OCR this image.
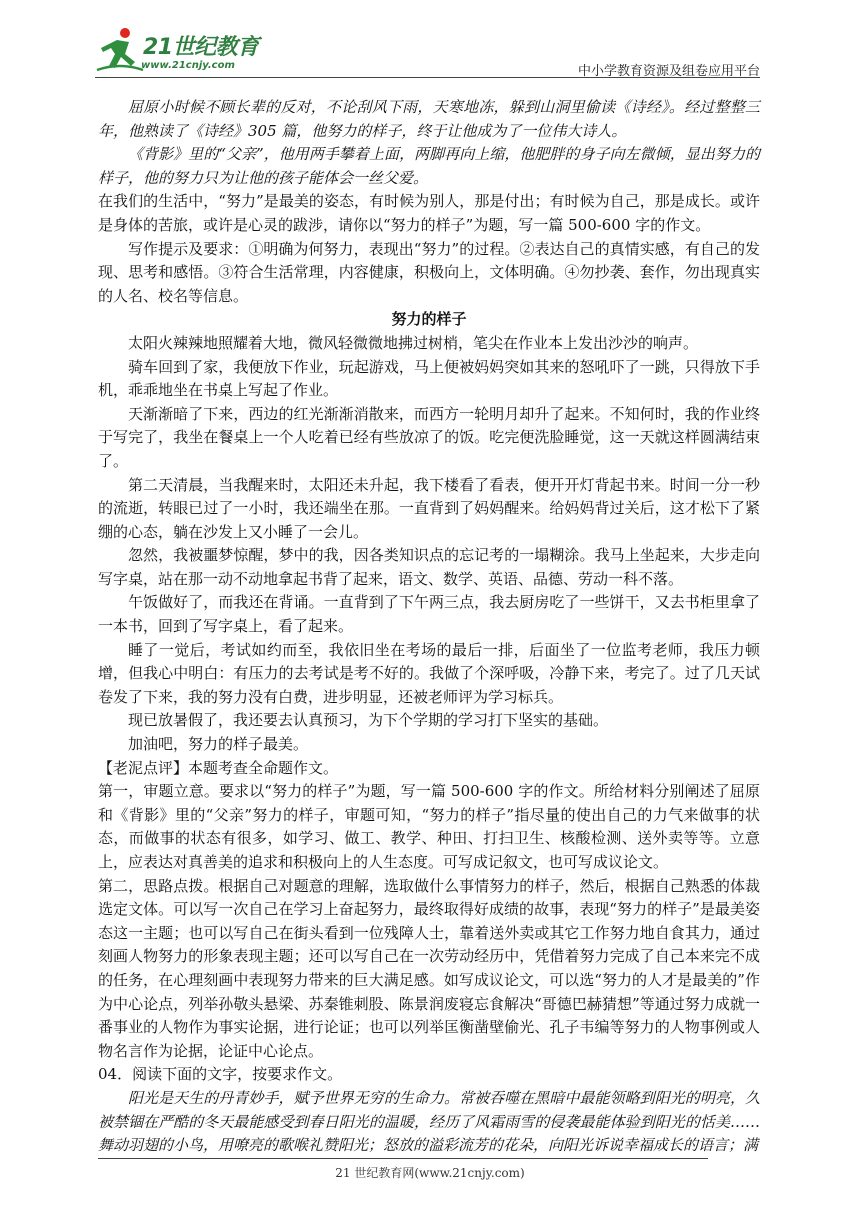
21世纪教育
www.21cnjy.com	中小学教育资源及组卷应用平台

屈原小时候不顾长辈的反对，不论刮风下雨，天寒地冻，躲到山洞里偷读《诗经》。经过整整三年，他熟读了《诗经》305 篇，他努力的样子，终于让他成为了一位伟大诗人。

《背影》里的“父亲”，他用两手攀着上面，两脚再向上缩，他肥胖的身子向左微倾，显出努力的样子，他的努力只为让他的孩子能体会一丝父爱。

在我们的生活中，“努力”是最美的姿态，有时候为别人，那是付出；有时候为自己，那是成长。或许是身体的苦旅，或许是心灵的跋涉，请你以“努力的样子”为题，写一篇 500-600 字的作文。

写作提示及要求：①明确为何努力，表现出“努力”的过程。②表达自己的真情实感，有自己的发现、思考和感悟。③符合生活常理，内容健康，积极向上，文体明确。④勿抄袭、套作，勿出现真实的人名、校名等信息。

努力的样子

太阳火辣辣地照耀着大地，微风轻微微地拂过树梢，笔尖在作业本上发出沙沙的响声。

骑车回到了家，我便放下作业，玩起游戏，马上便被妈妈突如其来的怒吼吓了一跳，只得放下手机，乖乖地坐在书桌上写起了作业。

天渐渐暗了下来，西边的红光渐渐消散来，而西方一轮明月却升了起来。不知何时，我的作业终于写完了，我坐在餐桌上一个人吃着已经有些放凉了的饭。吃完便洗脸睡觉，这一天就这样圆满结束了。

第二天清晨，当我醒来时，太阳还未升起，我下楼看了看表，便开开灯背起书来。时间一分一秒的流逝，转眼已过了一小时，我还端坐在那。一直背到了妈妈醒来。给妈妈背过关后，这才松下了紧绷的心态，躺在沙发上又小睡了一会儿。

忽然，我被噩梦惊醒，梦中的我，因各类知识点的忘记考的一塌糊涂。我马上坐起来，大步走向写字桌，站在那一动不动地拿起书背了起来，语文、数学、英语、品德、劳动一科不落。

午饭做好了，而我还在背诵。一直背到了下午两三点，我去厨房吃了一些饼干，又去书柜里拿了一本书，回到了写字桌上，看了起来。

睡了一觉后，考试如约而至，我依旧坐在考场的最后一排，后面坐了一位监考老师，我压力顿增，但我心中明白：有压力的去考试是考不好的。我做了个深呼吸，冷静下来，考完了。过了几天试卷发了下来，我的努力没有白费，进步明显，还被老师评为学习标兵。

现已放暑假了，我还要去认真预习，为下个学期的学习打下坚实的基础。

加油吧，努力的样子最美。

【老泥点评】本题考查全命题作文。

第一，审题立意。要求以“努力的样子”为题，写一篇 500-600 字的作文。所给材料分别阐述了屈原和《背影》里的“父亲”努力的样子，审题可知，“努力的样子”指尽量的使出自己的力气来做事的状态，而做事的状态有很多，如学习、做工、教学、种田、打扫卫生、核酸检测、送外卖等等。立意上，应表达对真善美的追求和积极向上的人生态度。可写成记叙文，也可写成议论文。

第二，思路点拨。根据自己对题意的理解，选取做什么事情努力的样子，然后，根据自己熟悉的体裁选定文体。可以写一次自己在学习上奋起努力，最终取得好成绩的故事，表现“努力的样子”是最美姿态这一主题；也可以写自己在街头看到一位残障人士，靠着送外卖或其它工作努力地自食其力，通过刻画人物努力的形象表现主题；还可以写自己在一次劳动经历中，凭借着努力完成了自己本来完不成的任务，在心理刻画中表现努力带来的巨大满足感。如写成议论文，可以选“努力的人才是最美的”作为中心论点，列举孙敬头悬梁、苏秦锥刺股、陈景润废寝忘食解决“哥德巴赫猜想”等通过努力成就一番事业的人物作为事实论据，进行论证；也可以列举匡衡凿壁偷光、孔子韦编等努力的人物事例或人物名言作为论据，论证中心论点。

04．阅读下面的文字，按要求作文。

阳光是天生的丹青妙手，赋予世界无穷的生命力。常被吞噬在黑暗中最能领略到阳光的明亮，久被禁锢在严酷的冬天最能感受到春日阳光的温暖，经历了风霜雨雪的侵袭最能体验到阳光的恬美……舞动羽翅的小鸟，用嘹亮的歌喉礼赞阳光；怒放的溢彩流芳的花朵，向阳光诉说幸福成长的语言；满

21 世纪教育网(www.21cnjy.com)
